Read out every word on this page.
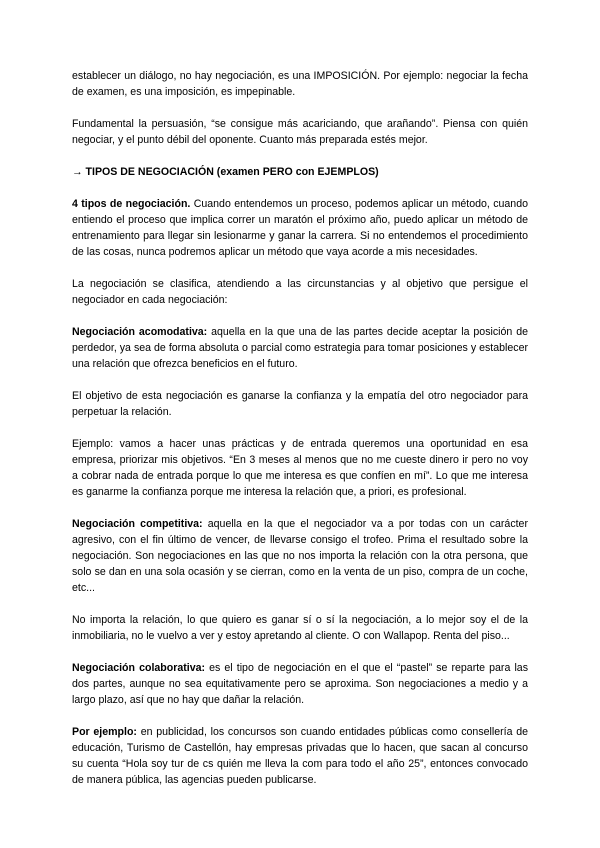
establecer un diálogo, no hay negociación, es una IMPOSICIÓN. Por ejemplo: negociar la fecha de examen, es una imposición, es impepinable.

Fundamental la persuasión, “se consigue más acariciando, que arañando”. Piensa con quién negociar, y el punto débil del oponente. Cuanto más preparada estés mejor.

→ TIPOS DE NEGOCIACIÓN (examen PERO con EJEMPLOS)

4 tipos de negociación. Cuando entendemos un proceso, podemos aplicar un método, cuando entiendo el proceso que implica correr un maratón el próximo año, puedo aplicar un método de entrenamiento para llegar sin lesionarme y ganar la carrera. Si no entendemos el procedimiento de las cosas, nunca podremos aplicar un método que vaya acorde a mis necesidades.

La negociación se clasifica, atendiendo a las circunstancias y al objetivo que persigue el negociador en cada negociación:

Negociación acomodativa: aquella en la que una de las partes decide aceptar la posición de perdedor, ya sea de forma absoluta o parcial como estrategia para tomar posiciones y establecer una relación que ofrezca beneficios en el futuro.

El objetivo de esta negociación es ganarse la confianza y la empatía del otro negociador para perpetuar la relación.

Ejemplo: vamos a hacer unas prácticas y de entrada queremos una oportunidad en esa empresa, priorizar mis objetivos. “En 3 meses al menos que no me cueste dinero ir pero no voy a cobrar nada de entrada porque lo que me interesa es que confíen en mí”. Lo que me interesa es ganarme la confianza porque me interesa la relación que, a priori, es profesional.

Negociación competitiva: aquella en la que el negociador va a por todas con un carácter agresivo, con el fin último de vencer, de llevarse consigo el trofeo. Prima el resultado sobre la negociación. Son negociaciones en las que no nos importa la relación con la otra persona, que solo se dan en una sola ocasión y se cierran, como en la venta de un piso, compra de un coche, etc...

No importa la relación, lo que quiero es ganar sí o sí la negociación, a lo mejor soy el de la inmobiliaria, no le vuelvo a ver y estoy apretando al cliente. O con Wallapop. Renta del piso...

Negociación colaborativa: es el tipo de negociación en el que el “pastel” se reparte para las dos partes, aunque no sea equitativamente pero se aproxima. Son negociaciones a medio y a largo plazo, así que no hay que dañar la relación.

Por ejemplo: en publicidad, los concursos son cuando entidades públicas como consellería de educación, Turismo de Castellón, hay empresas privadas que lo hacen, que sacan al concurso su cuenta “Hola soy tur de cs quién me lleva la com para todo el año 25”, entonces convocado de manera pública, las agencias pueden publicarse.
